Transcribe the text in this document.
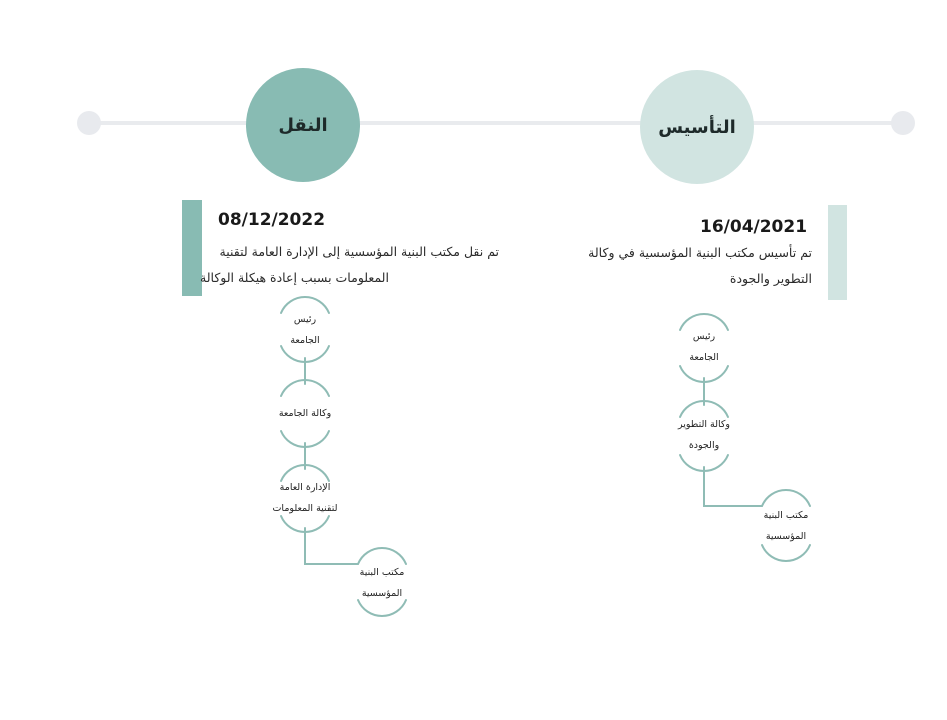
النقل	التأسيس
08/12/2022
تم نقل مكتب البنية المؤسسية إلى الإدارة العامة لتقنية
المعلومات بسبب إعادة هيكلة الوكالة
16/04/2021
تم تأسيس مكتب البنية المؤسسية في وكالة
التطوير والجودة
رئيس
الجامعة
وكالة الجامعة
الإدارة العامة
لتقنية المعلومات
مكتب البنية
المؤسسية
رئيس
الجامعة
وكالة التطوير
والجودة
مكتب البنية
المؤسسية
